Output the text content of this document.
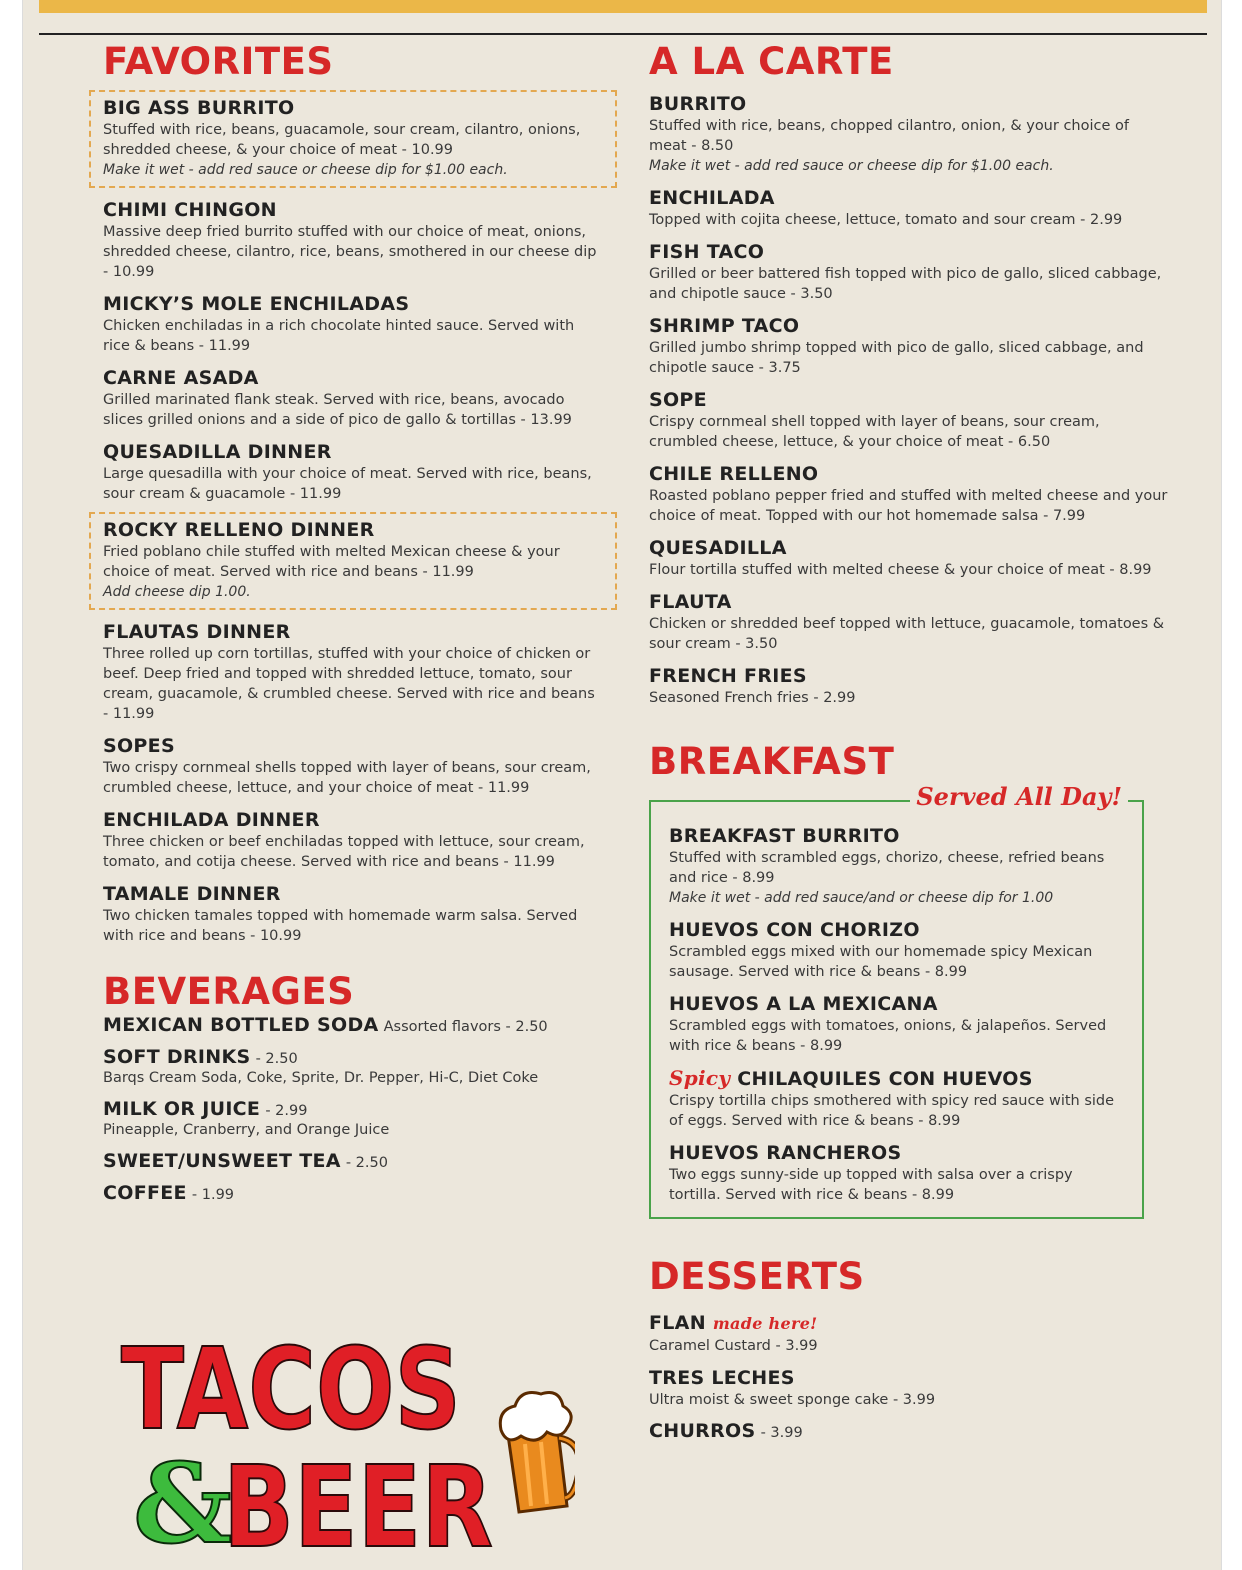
FAVORITES
BIG ASS BURRITO
Stuffed with rice, beans, guacamole, sour cream, cilantro, onions, shredded cheese, & your choice of meat - 10.99
Make it wet - add red sauce or cheese dip for $1.00 each.
CHIMI CHINGON
Massive deep fried burrito stuffed with our choice of meat, onions, shredded cheese, cilantro, rice, beans, smothered in our cheese dip - 10.99
MICKY’S MOLE ENCHILADAS
Chicken enchiladas in a rich chocolate hinted sauce. Served with rice & beans - 11.99
CARNE ASADA
Grilled marinated flank steak. Served with rice, beans, avocado slices grilled onions and a side of pico de gallo & tortillas - 13.99
QUESADILLA DINNER
Large quesadilla with your choice of meat. Served with rice, beans, sour cream & guacamole - 11.99
ROCKY RELLENO DINNER
Fried poblano chile stuffed with melted Mexican cheese & your choice of meat. Served with rice and beans - 11.99
Add cheese dip 1.00.
FLAUTAS DINNER
Three rolled up corn tortillas, stuffed with your choice of chicken or beef. Deep fried and topped with shredded lettuce, tomato, sour cream, guacamole, & crumbled cheese. Served with rice and beans - 11.99
SOPES
Two crispy cornmeal shells topped with layer of beans, sour cream, crumbled cheese, lettuce, and your choice of meat - 11.99
ENCHILADA DINNER
Three chicken or beef enchiladas topped with lettuce, sour cream, tomato, and cotija cheese. Served with rice and beans - 11.99
TAMALE DINNER
Two chicken tamales topped with homemade warm salsa. Served with rice and beans - 10.99
BEVERAGES
MEXICAN BOTTLED SODA Assorted flavors - 2.50
SOFT DRINKS - 2.50
Barqs Cream Soda, Coke, Sprite, Dr. Pepper, Hi-C, Diet Coke
MILK OR JUICE - 2.99
Pineapple, Cranberry, and Orange Juice
SWEET/UNSWEET TEA - 2.50
COFFEE - 1.99
TACOS
&
BEER
A LA CARTE
BURRITO
Stuffed with rice, beans, chopped cilantro, onion, & your choice of meat - 8.50
Make it wet - add red sauce or cheese dip for $1.00 each.
ENCHILADA
Topped with cojita cheese, lettuce, tomato and sour cream - 2.99
FISH TACO
Grilled or beer battered fish topped with pico de gallo, sliced cabbage, and chipotle sauce - 3.50
SHRIMP TACO
Grilled jumbo shrimp topped with pico de gallo, sliced cabbage, and chipotle sauce - 3.75
SOPE
Crispy cornmeal shell topped with layer of beans, sour cream, crumbled cheese, lettuce, & your choice of meat - 6.50
CHILE RELLENO
Roasted poblano pepper fried and stuffed with melted cheese and your choice of meat. Topped with our hot homemade salsa - 7.99
QUESADILLA
Flour tortilla stuffed with melted cheese & your choice of meat - 8.99
FLAUTA
Chicken or shredded beef topped with lettuce, guacamole, tomatoes & sour cream - 3.50
FRENCH FRIES
Seasoned French fries - 2.99
BREAKFAST
Served All Day!
BREAKFAST BURRITO
Stuffed with scrambled eggs, chorizo, cheese, refried beans and rice - 8.99
Make it wet - add red sauce/and or cheese dip for 1.00
HUEVOS CON CHORIZO
Scrambled eggs mixed with our homemade spicy Mexican sausage. Served with rice & beans - 8.99
HUEVOS A LA MEXICANA
Scrambled eggs with tomatoes, onions, & jalapeños. Served with rice & beans - 8.99
Spicy CHILAQUILES CON HUEVOS
Crispy tortilla chips smothered with spicy red sauce with side of eggs. Served with rice & beans - 8.99
HUEVOS RANCHEROS
Two eggs sunny-side up topped with salsa over a crispy tortilla. Served with rice & beans - 8.99
DESSERTS
FLAN made here!
Caramel Custard - 3.99
TRES LECHES
Ultra moist & sweet sponge cake - 3.99
CHURROS - 3.99
